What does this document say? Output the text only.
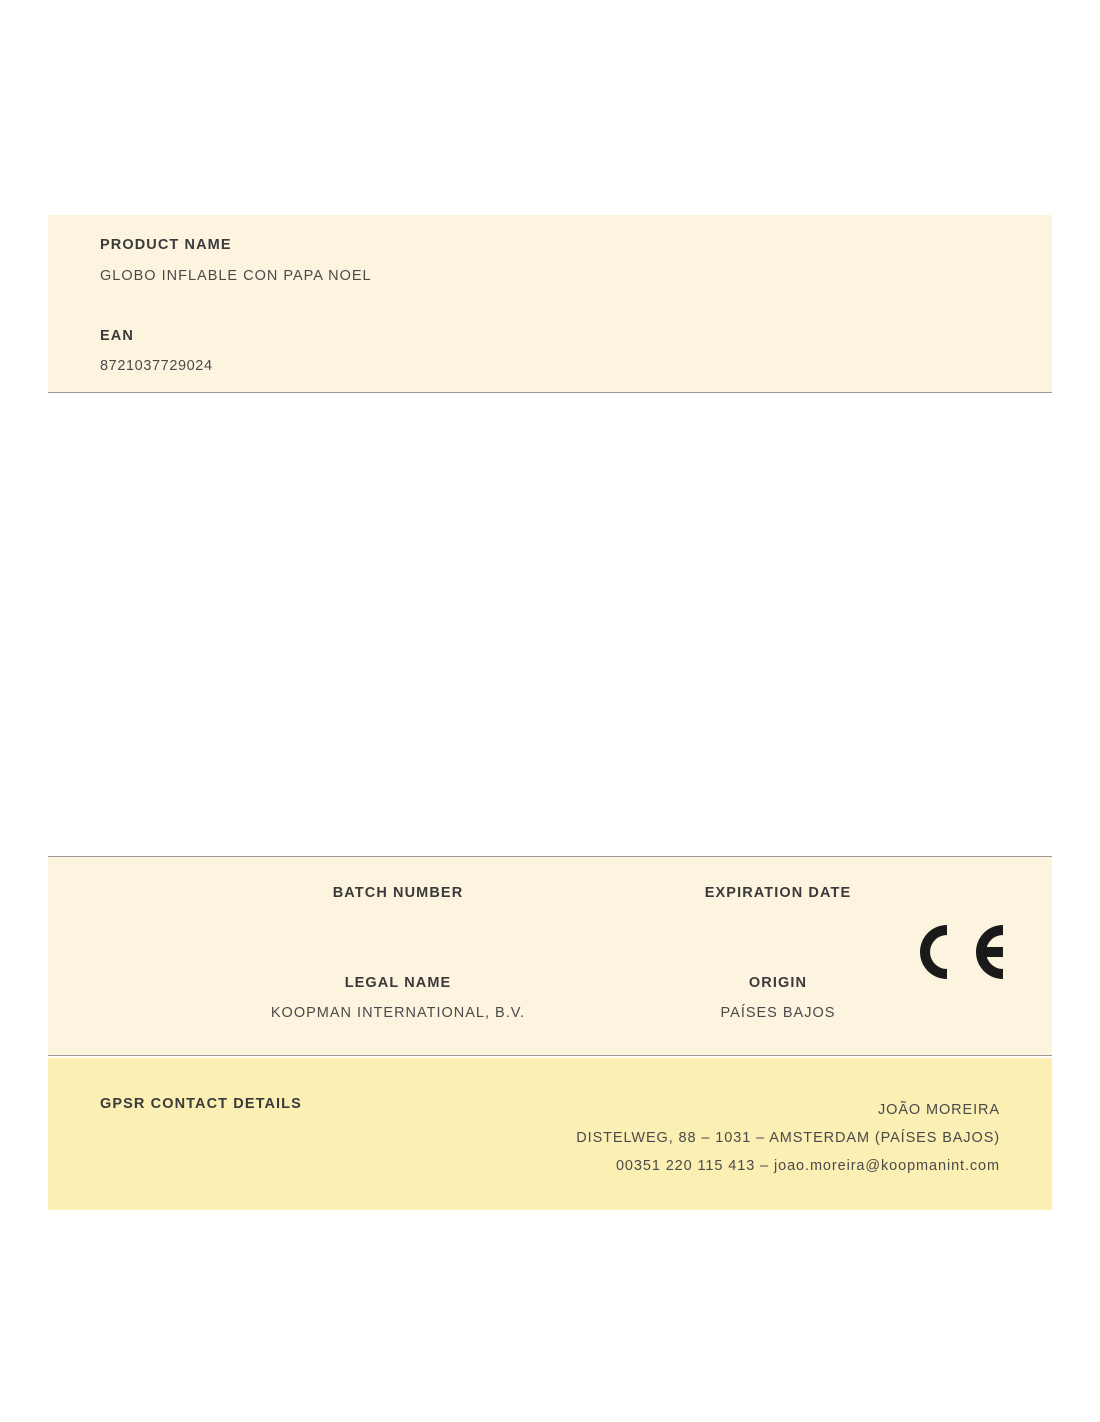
PRODUCT NAME
GLOBO INFLABLE CON PAPA NOEL
EAN
8721037729024
BATCH NUMBER	EXPIRATION DATE
LEGAL NAME
KOOPMAN INTERNATIONAL, B.V.
ORIGIN
PAÍSES BAJOS
GPSR CONTACT DETAILS	JOÃO MOREIRA
DISTELWEG, 88 – 1031 – AMSTERDAM (PAÍSES BAJOS)
00351 220 115 413 – joao.moreira@koopmanint.com
